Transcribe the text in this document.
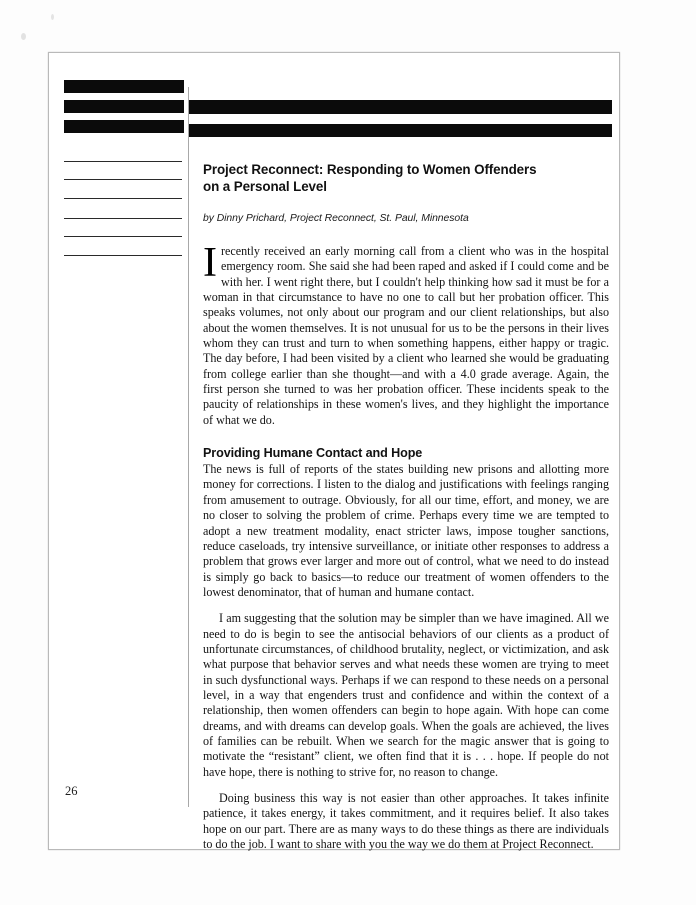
Project Reconnect: Responding to Women Offenders on a Personal Level

by Dinny Prichard, Project Reconnect, St. Paul, Minnesota

Irecently received an early morning call from a client who was in the hospital emergency room. She said she had been raped and asked if I could come and be with her. I went right there, but I couldn't help thinking how sad it must be for a woman in that circumstance to have no one to call but her probation officer. This speaks volumes, not only about our program and our client relationships, but also about the women themselves. It is not unusual for us to be the persons in their lives whom they can trust and turn to when something happens, either happy or tragic. The day before, I had been visited by a client who learned she would be graduating from college earlier than she thought—and with a 4.0 grade average. Again, the first person she turned to was her probation officer. These incidents speak to the paucity of relationships in these women's lives, and they highlight the importance of what we do.

Providing Humane Contact and Hope

The news is full of reports of the states building new prisons and allotting more money for corrections. I listen to the dialog and justifications with feelings ranging from amusement to outrage. Obviously, for all our time, effort, and money, we are no closer to solving the problem of crime. Perhaps every time we are tempted to adopt a new treatment modality, enact stricter laws, impose tougher sanctions, reduce caseloads, try intensive surveillance, or initiate other responses to address a problem that grows ever larger and more out of control, what we need to do instead is simply go back to basics—to reduce our treatment of women offenders to the lowest denominator, that of human and humane contact.

I am suggesting that the solution may be simpler than we have imagined. All we need to do is begin to see the antisocial behaviors of our clients as a product of unfortunate circumstances, of childhood brutality, neglect, or victimization, and ask what purpose that behavior serves and what needs these women are trying to meet in such dysfunctional ways. Perhaps if we can respond to these needs on a personal level, in a way that engenders trust and confidence and within the context of a relationship, then women offenders can begin to hope again. With hope can come dreams, and with dreams can develop goals. When the goals are achieved, the lives of families can be rebuilt. When we search for the magic answer that is going to motivate the “resistant” client, we often find that it is . . . hope. If people do not have hope, there is nothing to strive for, no reason to change.

Doing business this way is not easier than other approaches. It takes infinite patience, it takes energy, it takes commitment, and it requires belief. It also takes hope on our part. There are as many ways to do these things as there are individuals to do the job. I want to share with you the way we do them at Project Reconnect.

26
